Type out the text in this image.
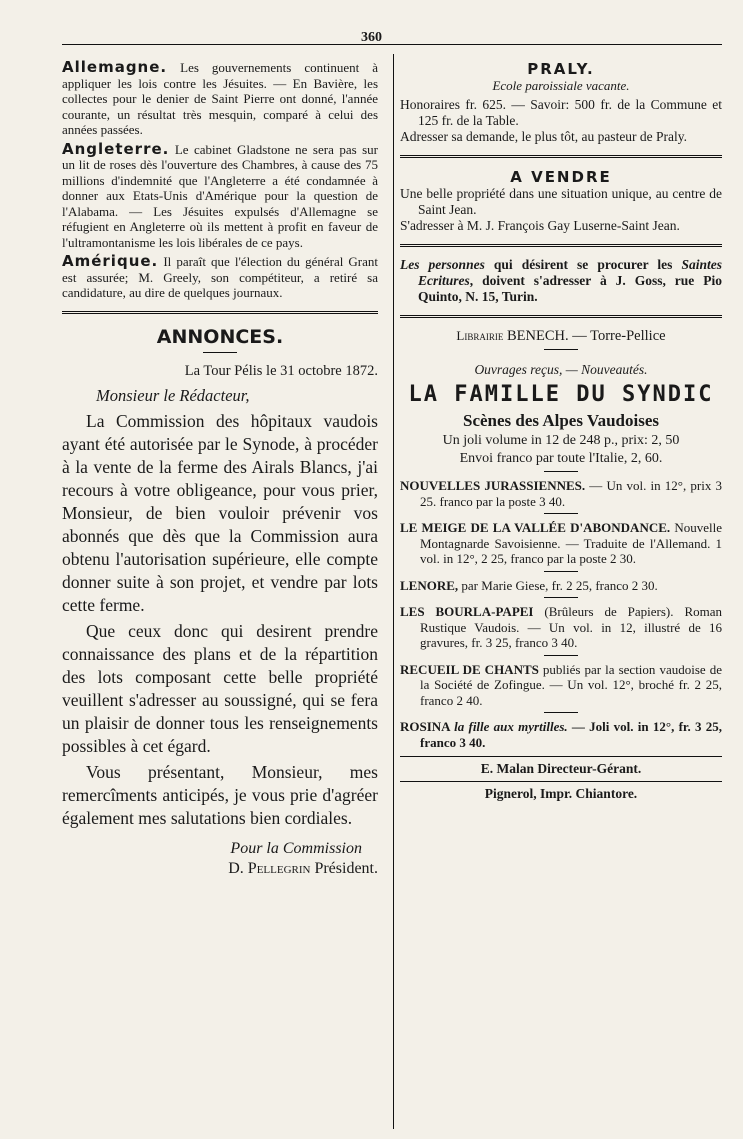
360
Allemagne. Les gouvernements continuent à appliquer les lois contre les Jésuites. — En Bavière, les collectes pour le denier de Saint Pierre ont donné, l'année courante, un résultat très mesquin, comparé à celui des années passées.
Angleterre. Le cabinet Gladstone ne sera pas sur un lit de roses dès l'ouverture des Chambres, à cause des 75 millions d'indemnité que l'Angleterre a été condamnée à donner aux Etats-Unis d'Amérique pour la question de l'Alabama. — Les Jésuites expulsés d'Allemagne se réfugient en Angleterre où ils mettent à profit en faveur de l'ultramontanisme les lois libérales de ce pays.
Amérique. Il paraît que l'élection du général Grant est assurée; M. Greely, son compétiteur, a retiré sa candidature, au dire de quelques journaux.
ANNONCES.
La Tour Pélis le 31 octobre 1872.
Monsieur le Rédacteur,

La Commission des hôpitaux vaudois ayant été autorisée par le Synode, à procéder à la vente de la ferme des Airals Blancs, j'ai recours à votre obligeance, pour vous prier, Monsieur, de bien vouloir prévenir vos abonnés que dès que la Commission aura obtenu l'autorisation supérieure, elle compte donner suite à son projet, et vendre par lots cette ferme.

Que ceux donc qui desirent prendre connaissance des plans et de la répartition des lots composant cette belle propriété veuillent s'adresser au soussigné, qui se fera un plaisir de donner tous les renseignements possibles à cet égard.

Vous présentant, Monsieur, mes remercîments anticipés, je vous prie d'agréer également mes salutations bien cordiales.

Pour la Commission
D. Pellegrin Président.
PRALY.
Ecole paroissiale vacante.

Honoraires fr. 625. — Savoir: 500 fr. de la Commune et 125 fr. de la Table.

Adresser sa demande, le plus tôt, au pasteur de Praly.

A VENDRE

Une belle propriété dans une situation unique, au centre de Saint Jean.

S'adresser à M. J. François Gay Luserne-Saint Jean.

Les personnes qui désirent se procurer les Saintes Ecritures, doivent s'adresser à J. Goss, rue Pio Quinto, N. 15, Turin.

Librairie BENECH. — Torre-Pellice
Ouvrages reçus, — Nouveautés.
LA FAMILLE DU SYNDIC
Scènes des Alpes Vaudoises
Un joli volume in 12 de 248 p., prix: 2, 50
Envoi franco par toute l'Italie, 2, 60.

NOUVELLES JURASSIENNES. — Un vol. in 12°, prix 3 25. franco par la poste 3 40.

LE MEIGE DE LA VALLÉE D'ABONDANCE. Nouvelle Montagnarde Savoisienne. — Traduite de l'Allemand. 1 vol. in 12°, 2 25, franco par la poste 2 30.

LENORE, par Marie Giese, fr. 2 25, franco 2 30.

LES BOURLA-PAPEI (Brûleurs de Papiers). Roman Rustique Vaudois. — Un vol. in 12, illustré de 16 gravures, fr. 3 25, franco 3 40.

RECUEIL DE CHANTS publiés par la section vaudoise de la Société de Zofingue. — Un vol. 12°, broché fr. 2 25, franco 2 40.

ROSINA la fille aux myrtilles. — Joli vol. in 12°, fr. 3 25, franco 3 40.

E. Malan Directeur-Gérant.
Pignerol, Impr. Chiantore.
